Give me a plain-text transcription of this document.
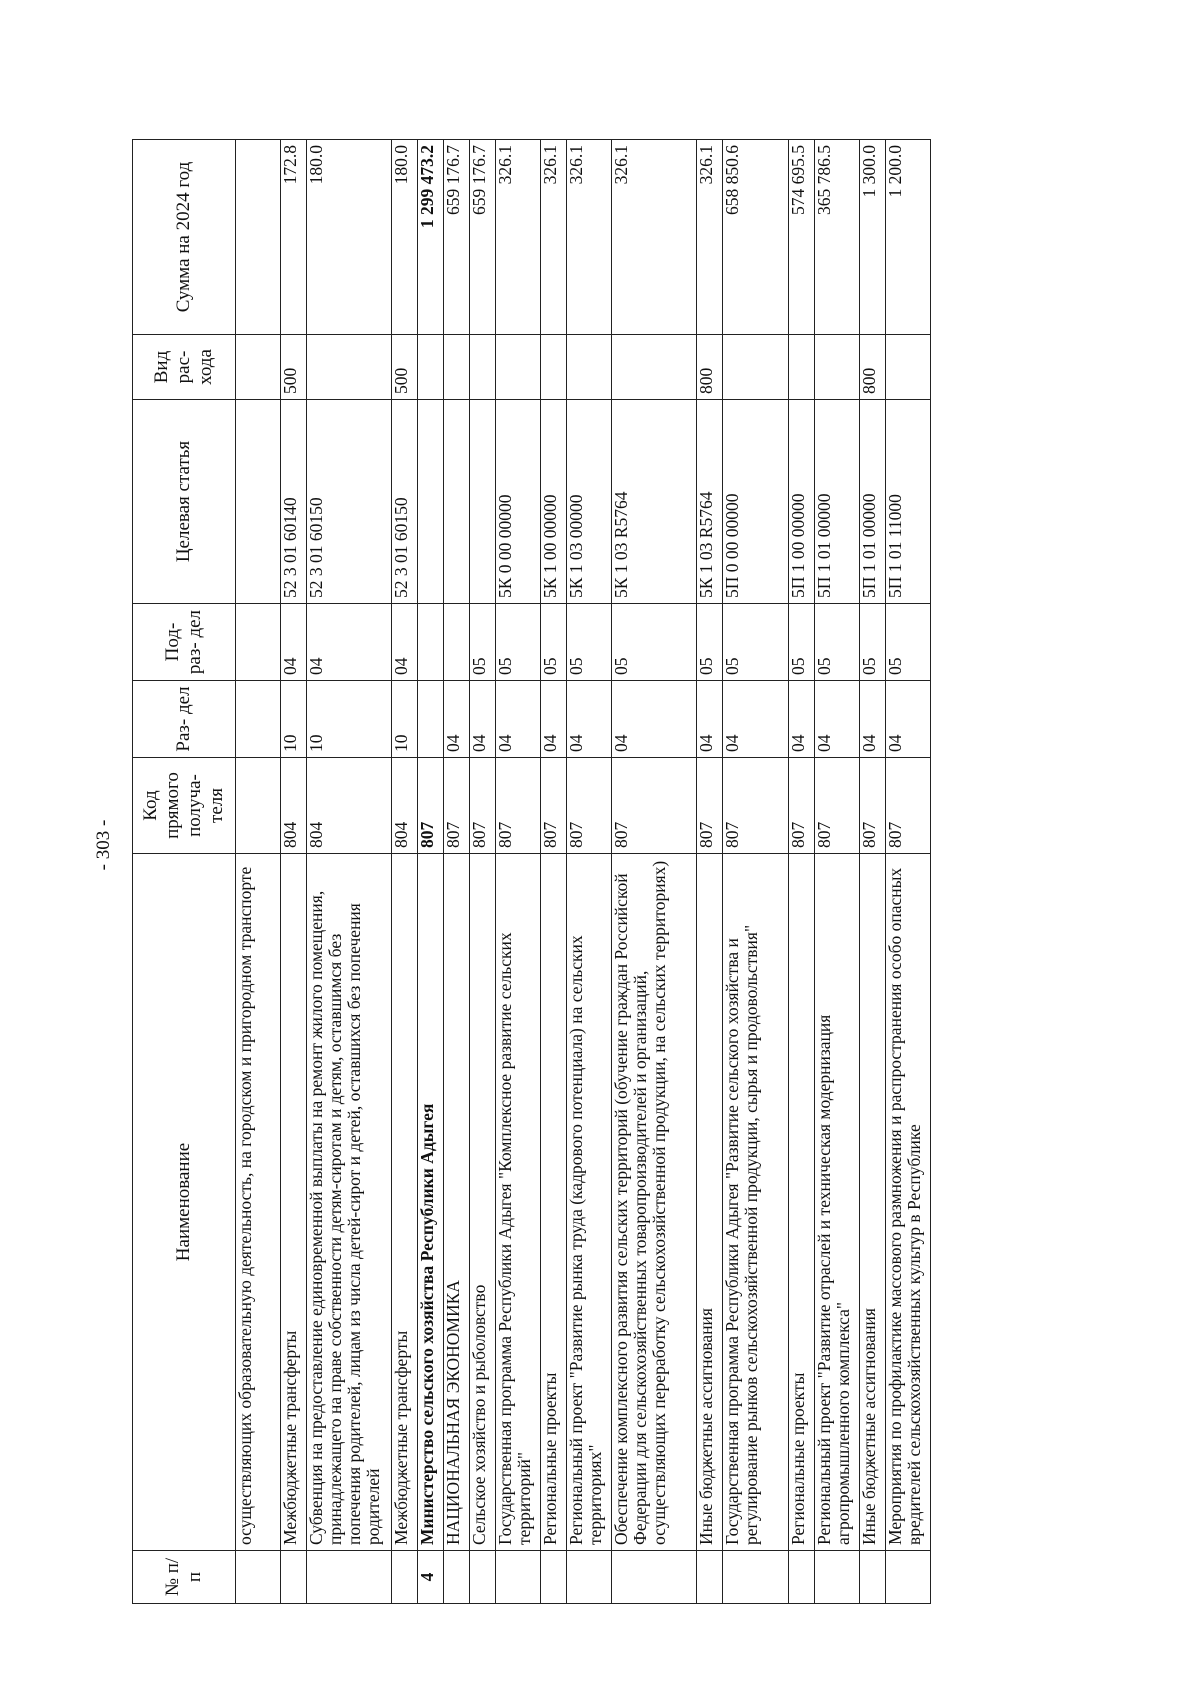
- 303 -
№ п/п	Наименование	Код прямого получа- теля	Раз- дел	Под- раз- дел	Целевая статья	Вид рас- хода	Сумма на 2024 год
	осуществляющих образовательную деятельность, на городском и пригородном транспорте						
	Межбюджетные трансферты	804	10	04	52 3 01 60140	500	172.8
	Субвенция на предоставление единовременной выплаты на ремонт жилого помещения, принадлежащего на праве собственности детям-сиротам и детям, оставшимся без попечения родителей, лицам из числа детей-сирот и детей, оставшихся без попечения родителей	804	10	04	52 3 01 60150		180.0
	Межбюджетные трансферты	804	10	04	52 3 01 60150	500	180.0
4	Министерство сельского хозяйства Республики Адыгея	807					1 299 473.2
	НАЦИОНАЛЬНАЯ ЭКОНОМИКА	807	04				659 176.7
	Сельское хозяйство и рыболовство	807	04	05			659 176.7
	Государственная программа Республики Адыгея "Комплексное развитие сельских территорий"	807	04	05	5К 0 00 00000		326.1
	Региональные проекты	807	04	05	5К 1 00 00000		326.1
	Региональный проект "Развитие рынка труда (кадрового потенциала) на сельских территориях"	807	04	05	5К 1 03 00000		326.1
	Обеспечение комплексного развития сельских территорий (обучение граждан Российской Федерации для сельскохозяйственных товаропроизводителей и организаций, осуществляющих переработку сельскохозяйственной продукции, на сельских территориях)	807	04	05	5К 1 03 R5764		326.1
	Иные бюджетные ассигнования	807	04	05	5К 1 03 R5764	800	326.1
	Государственная программа Республики Адыгея "Развитие сельского хозяйства и регулирование рынков сельскохозяйственной продукции, сырья и продовольствия"	807	04	05	5П 0 00 00000		658 850.6
	Региональные проекты	807	04	05	5П 1 00 00000		574 695.5
	Региональный проект "Развитие отраслей и техническая модернизация агропромышленного комплекса"	807	04	05	5П 1 01 00000		365 786.5
	Иные бюджетные ассигнования	807	04	05	5П 1 01 00000	800	1 300.0
	Мероприятия по профилактике массового размножения и распространения особо опасных вредителей сельскохозяйственных культур в Республике	807	04	05	5П 1 01 11000		1 200.0
